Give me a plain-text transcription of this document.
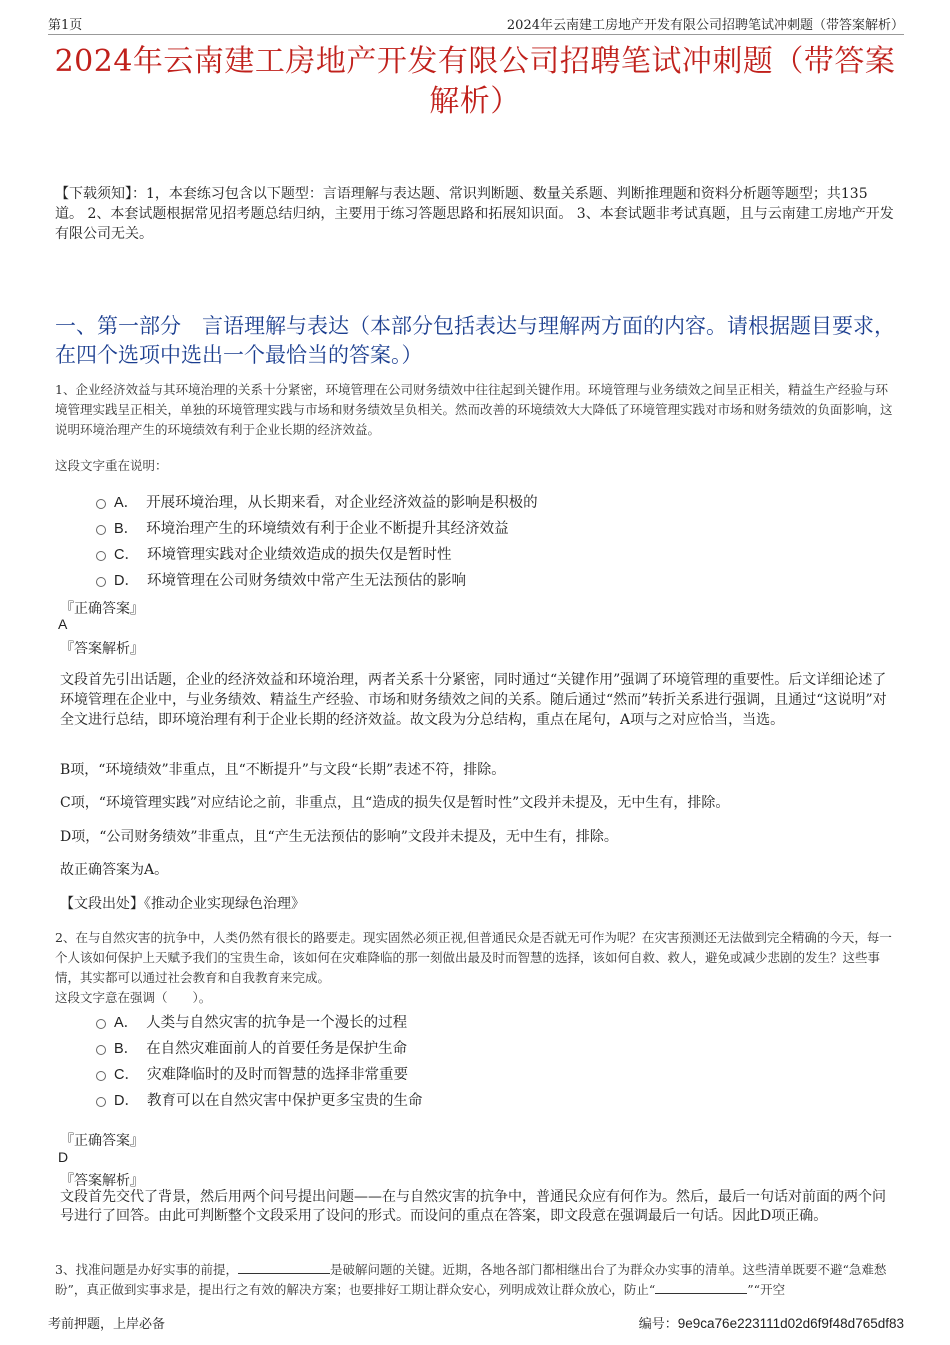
第1页	2024年云南建工房地产开发有限公司招聘笔试冲刺题（带答案解析）
2024年云南建工房地产开发有限公司招聘笔试冲刺题（带答案解析）
【下载须知】：1，本套练习包含以下题型：言语理解与表达题、常识判断题、数量关系题、判断推理题和资料分析题等题型；共135道。 2、本套试题根据常见招考题总结归纳，主要用于练习答题思路和拓展知识面。 3、本套试题非考试真题，且与云南建工房地产开发有限公司无关。
一、第一部分　言语理解与表达（本部分包括表达与理解两方面的内容。请根据题目要求，在四个选项中选出一个最恰当的答案。）
1、企业经济效益与其环境治理的关系十分紧密，环境管理在公司财务绩效中往往起到关键作用。环境管理与业务绩效之间呈正相关，精益生产经验与环境管理实践呈正相关，单独的环境管理实践与市场和财务绩效呈负相关。然而改善的环境绩效大大降低了环境管理实践对市场和财务绩效的负面影响，这说明环境治理产生的环境绩效有利于企业长期的经济效益。
这段文字重在说明：
A． 开展环境治理，从长期来看，对企业经济效益的影响是积极的
B． 环境治理产生的环境绩效有利于企业不断提升其经济效益
C． 环境管理实践对企业绩效造成的损失仅是暂时性
D． 环境管理在公司财务绩效中常产生无法预估的影响
『正确答案』
A
『答案解析』
文段首先引出话题，企业的经济效益和环境治理，两者关系十分紧密，同时通过“关键作用”强调了环境管理的重要性。后文详细论述了环境管理在企业中，与业务绩效、精益生产经验、市场和财务绩效之间的关系。随后通过“然而”转折关系进行强调，且通过“这说明”对全文进行总结，即环境治理有利于企业长期的经济效益。故文段为分总结构，重点在尾句，A项与之对应恰当，当选。
B项，“环境绩效”非重点，且“不断提升”与文段“长期”表述不符，排除。
C项，“环境管理实践”对应结论之前，非重点，且“造成的损失仅是暂时性”文段并未提及，无中生有，排除。
D项，“公司财务绩效”非重点，且“产生无法预估的影响”文段并未提及，无中生有，排除。
故正确答案为A。
【文段出处】《推动企业实现绿色治理》
2、在与自然灾害的抗争中，人类仍然有很长的路要走。现实固然必须正视,但普通民众是否就无可作为呢？在灾害预测还无法做到完全精确的今天，每一个人该如何保护上天赋予我们的宝贵生命，该如何在灾难降临的那一刻做出最及时而智慧的选择，该如何自救、救人，避免或减少悲剧的发生？这些事情，其实都可以通过社会教育和自我教育来完成。
这段文字意在强调（　　）。
A． 人类与自然灾害的抗争是一个漫长的过程
B． 在自然灾难面前人的首要任务是保护生命
C． 灾难降临时的及时而智慧的选择非常重要
D． 教育可以在自然灾害中保护更多宝贵的生命
『正确答案』
D
『答案解析』
文段首先交代了背景，然后用两个问号提出问题——在与自然灾害的抗争中，普通民众应有何作为。然后，最后一句话对前面的两个问号进行了回答。由此可判断整个文段采用了设问的形式。而设问的重点在答案，即文段意在强调最后一句话。因此D项正确。
3、找准问题是办好实事的前提，	是破解问题的关键。近期，各地各部门都相继出台了为群众办实事的清单。这些清单既要不避“急难愁盼”，真正做到实事求是，提出行之有效的解决方案；也要排好工期让群众安心，列明成效让群众放心，防止“	”“开空
考前押题，上岸必备	编号：9e9ca76e223111d02d6f9f48d765df83
